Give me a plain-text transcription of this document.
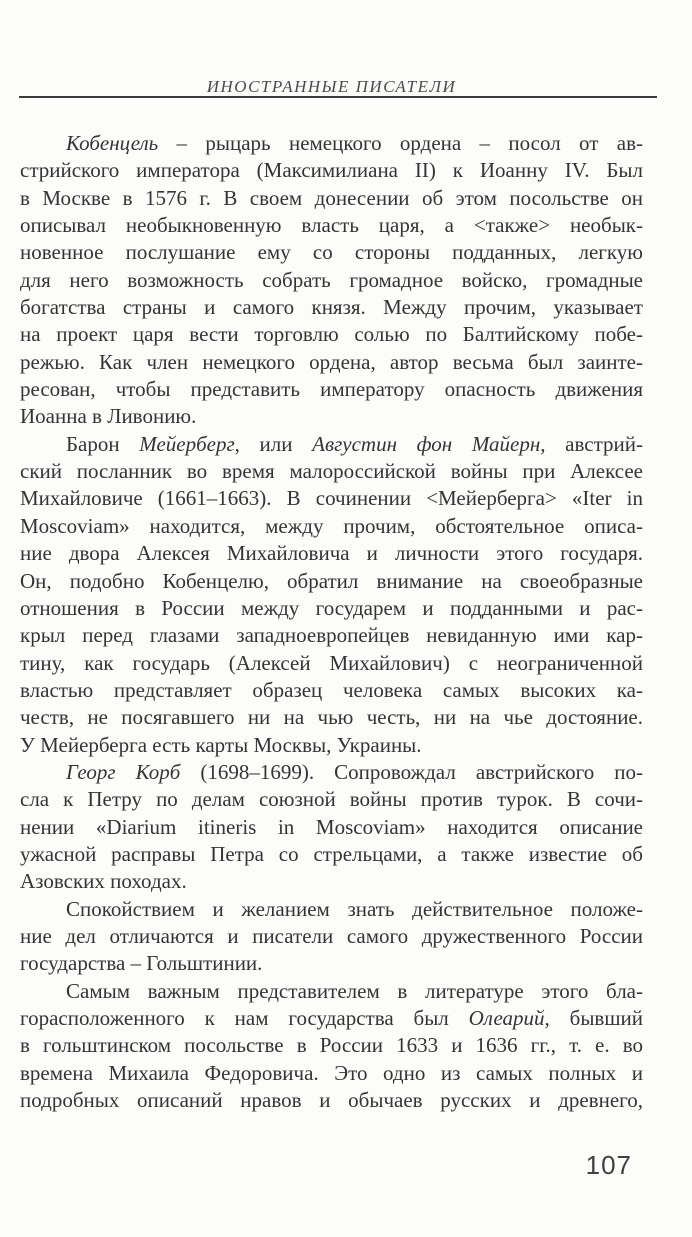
ИНОСТРАННЫЕ ПИСАТЕЛИ
Кобенцель – рыцарь немецкого ордена – посол от ав-
стрийского императора (Максимилиана II) к Иоанну IV. Был
в Москве в 1576 г. В своем донесении об этом посольстве он
описывал необыкновенную власть царя, а <также> необык-
новенное послушание ему со стороны подданных, легкую
для него возможность собрать громадное войско, громадные
богатства страны и самого князя. Между прочим, указывает
на проект царя вести торговлю солью по Балтийскому побе-
режью. Как член немецкого ордена, автор весьма был заинте-
ресован, чтобы представить императору опасность движения
Иоанна в Ливонию.
Барон Мейерберг, или Августин фон Майерн, австрий-
ский посланник во время малороссийской войны при Алексее
Михайловиче (1661–1663). В сочинении <Мейерберга> «Iter in
Moscoviam» находится, между прочим, обстоятельное описа-
ние двора Алексея Михайловича и личности этого государя.
Он, подобно Кобенцелю, обратил внимание на своеобразные
отношения в России между государем и подданными и рас-
крыл перед глазами западноевропейцев невиданную ими кар-
тину, как государь (Алексей Михайлович) с неограниченной
властью представляет образец человека самых высоких ка-
честв, не посягавшего ни на чью честь, ни на чье достояние.
У Мейерберга есть карты Москвы, Украины.
Георг Корб (1698–1699). Сопровождал австрийского по-
сла к Петру по делам союзной войны против турок. В сочи-
нении «Diarium itineris in Moscoviam» находится описание
ужасной расправы Петра со стрельцами, а также известие об
Азовских походах.
Спокойствием и желанием знать действительное положе-
ние дел отличаются и писатели самого дружественного России
государства – Гольштинии.
Самым важным представителем в литературе этого бла-
горасположенного к нам государства был Олеарий, бывший
в гольштинском посольстве в России 1633 и 1636 гг., т. е. во
времена Михаила Федоровича. Это одно из самых полных и
подробных описаний нравов и обычаев русских и древнего,
107
